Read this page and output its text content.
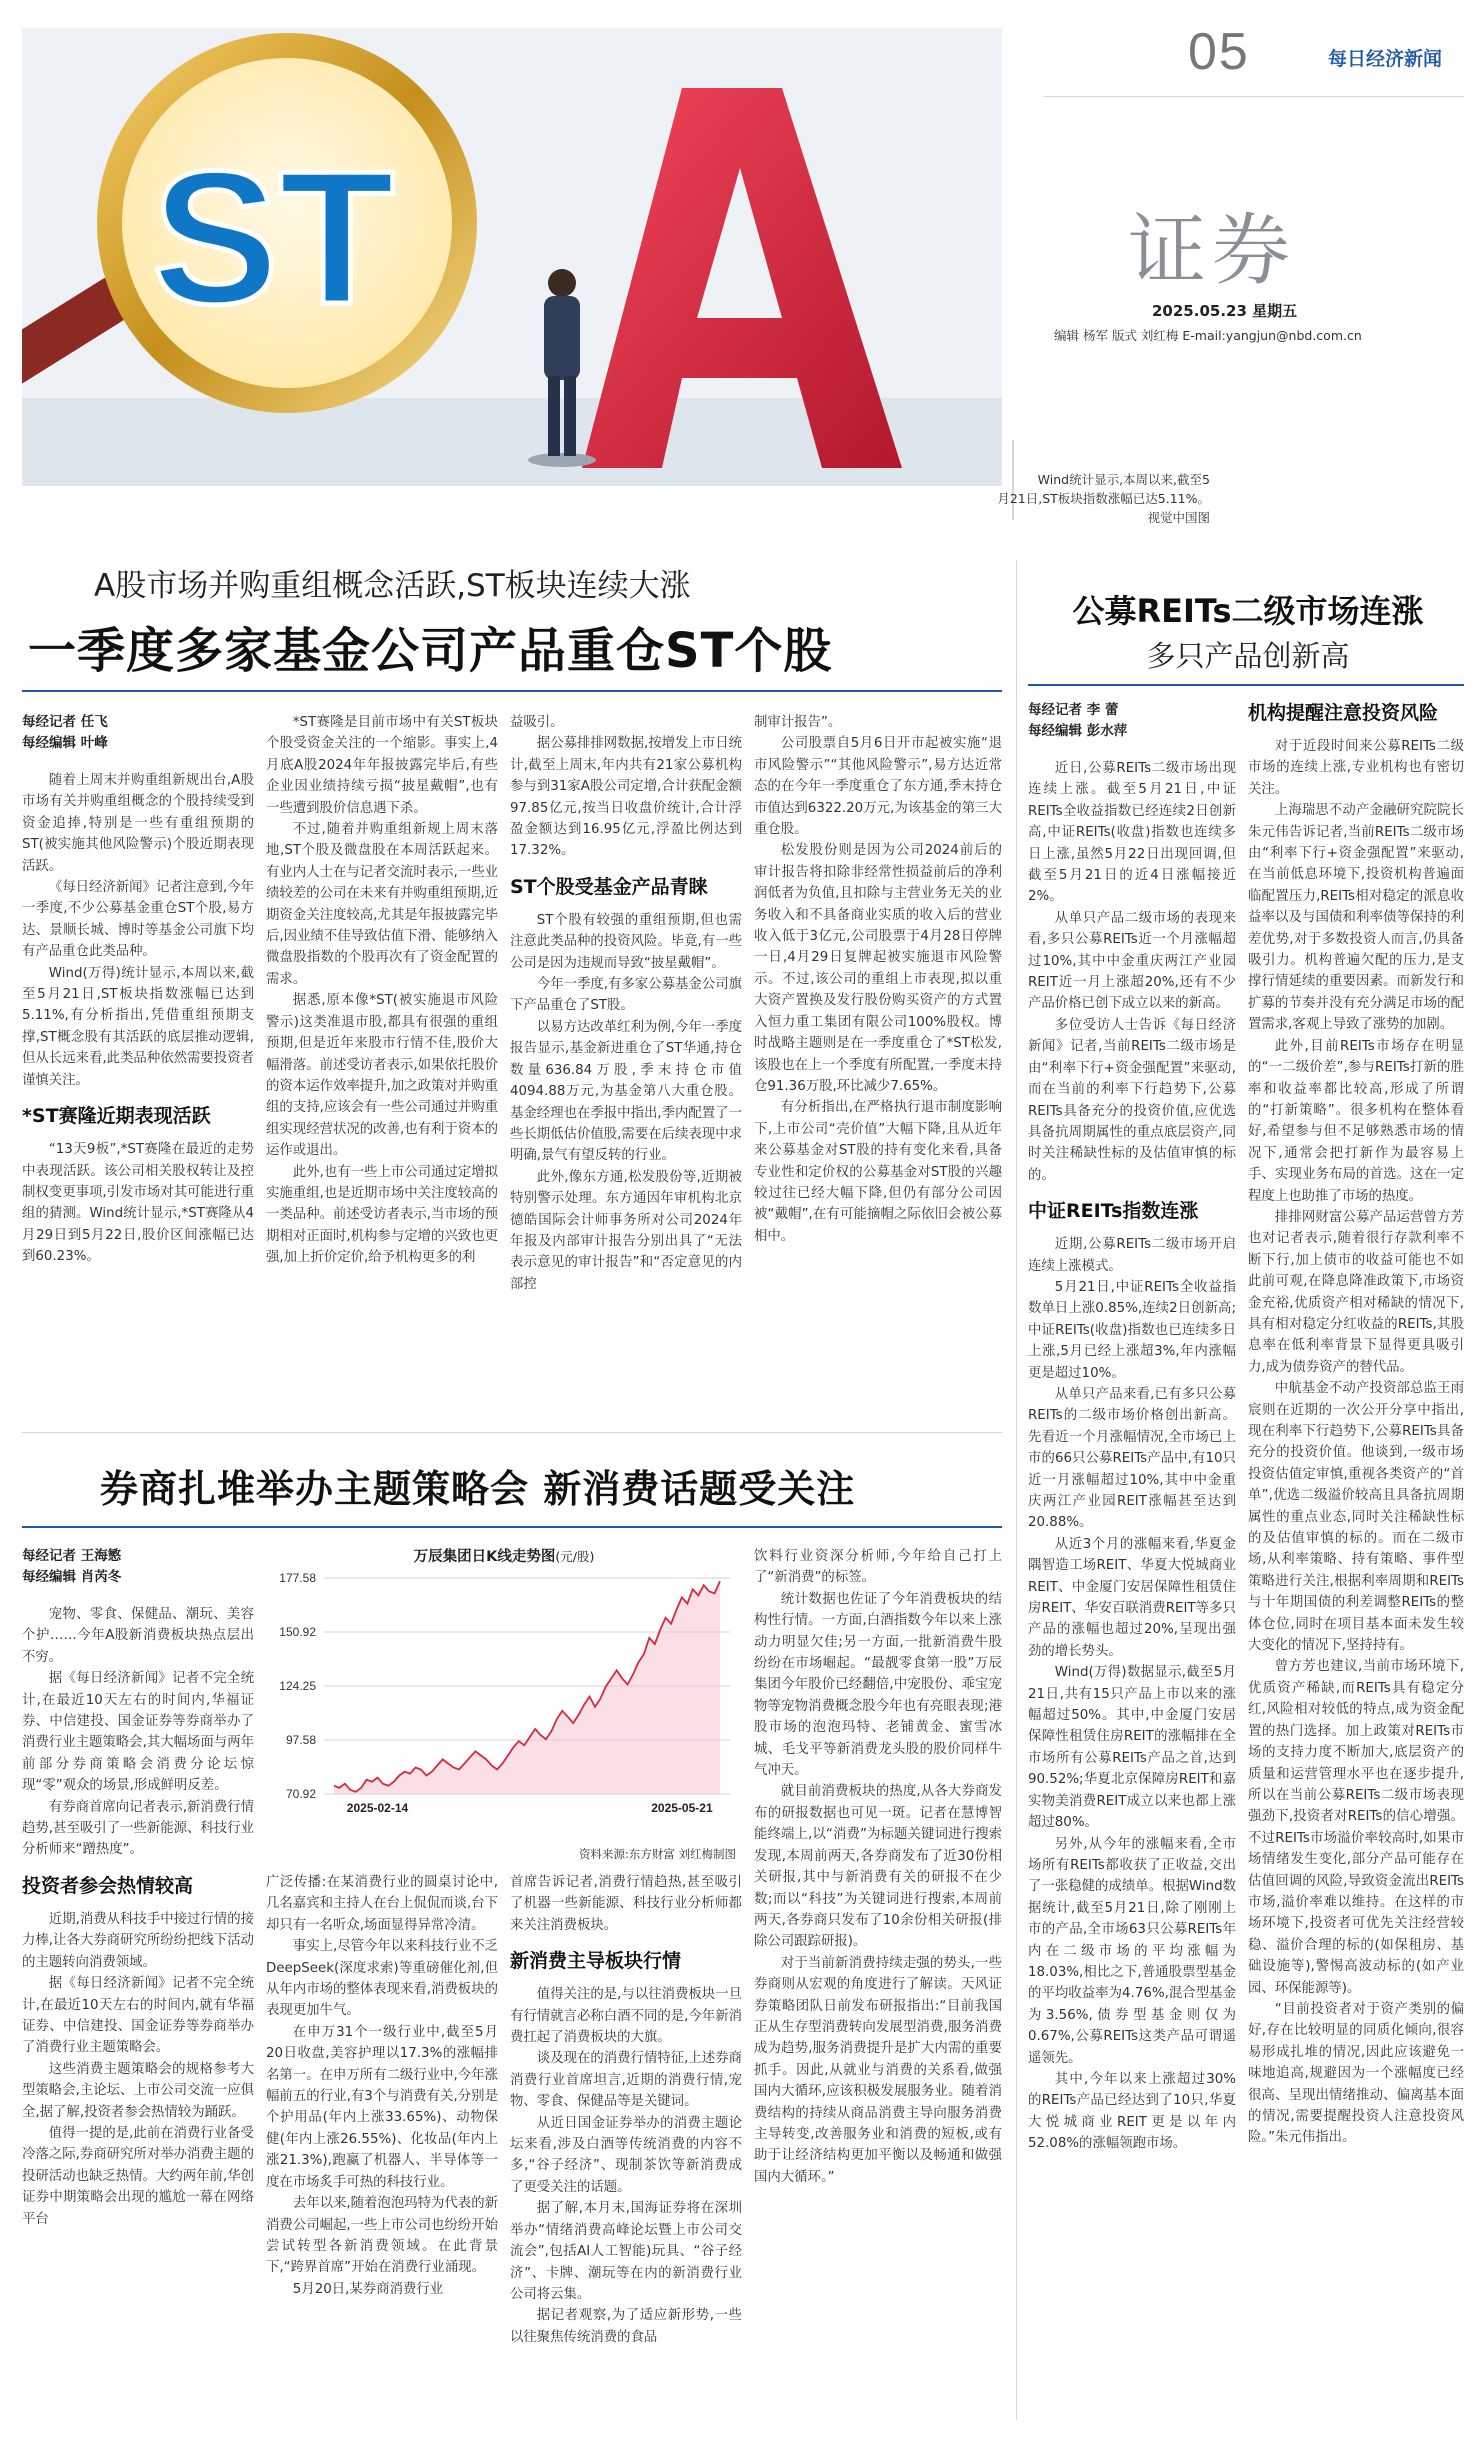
05	每日经济新闻
证券
2025.05.23 星期五
编辑 杨军 版式 刘红梅 E-mail:yangjun@nbd.com.cn
Wind统计显示,本周以来,截至5
月21日,ST板块指数涨幅已达5.11%。
视觉中国图
ST
A股市场并购重组概念活跃,ST板块连续大涨
一季度多家基金公司产品重仓ST个股
每经记者 任飞
每经编辑 叶峰

随着上周末并购重组新规出台,A股市场有关并购重组概念的个股持续受到资金追捧,特别是一些有重组预期的ST(被实施其他风险警示)个股近期表现活跃。

《每日经济新闻》记者注意到,今年一季度,不少公募基金重仓ST个股,易方达、景顺长城、博时等基金公司旗下均有产品重仓此类品种。

Wind(万得)统计显示,本周以来,截至5月21日,ST板块指数涨幅已达到5.11%,有分析指出,凭借重组预期支撑,ST概念股有其活跃的底层推动逻辑,但从长远来看,此类品种依然需要投资者谨慎关注。

*ST赛隆近期表现活跃

“13天9板”,*ST赛隆在最近的走势中表现活跃。该公司相关股权转让及控制权变更事项,引发市场对其可能进行重组的猜测。Wind统计显示,*ST赛隆从4月29日到5月22日,股价区间涨幅已达到60.23%。

*ST赛隆是目前市场中有关ST板块个股受资金关注的一个缩影。事实上,4月底A股2024年年报披露完毕后,有些企业因业绩持续亏损“披星戴帽”,也有一些遭到股价信息遇下杀。

不过,随着并购重组新规上周末落地,ST个股及微盘股在本周活跃起来。有业内人士在与记者交流时表示,一些业绩较差的公司在未来有并购重组预期,近期资金关注度较高,尤其是年报披露完毕后,因业绩不佳导致估值下滑、能够纳入微盘股指数的个股再次有了资金配置的需求。

据悉,原本像*ST(被实施退市风险警示)这类准退市股,都具有很强的重组预期,但是近年来股市行情不佳,股价大幅滑落。前述受访者表示,如果依托股价的资本运作效率提升,加之政策对并购重组的支持,应该会有一些公司通过并购重组实现经营状况的改善,也有利于资本的运作或退出。

此外,也有一些上市公司通过定增拟实施重组,也是近期市场中关注度较高的一类品种。前述受访者表示,当市场的预期相对正面时,机构参与定增的兴致也更强,加上折价定价,给予机构更多的利

益吸引。

据公募排排网数据,按增发上市日统计,截至上周末,年内共有21家公募机构参与到31家A股公司定增,合计获配金额97.85亿元,按当日收盘价统计,合计浮盈金额达到16.95亿元,浮盈比例达到17.32%。

ST个股受基金产品青睐

ST个股有较强的重组预期,但也需注意此类品种的投资风险。毕竟,有一些公司是因为违规而导致“披星戴帽”。

今年一季度,有多家公募基金公司旗下产品重仓了ST股。

以易方达改革红利为例,今年一季度报告显示,基金新进重仓了ST华通,持仓数量636.84万股,季末持仓市值4094.88万元,为基金第八大重仓股。基金经理也在季报中指出,季内配置了一些长期低估价值股,需要在后续表现中求明确,景气有望反转的行业。

此外,像东方通,松发股份等,近期被特别警示处理。东方通因年审机构北京德皓国际会计师事务所对公司2024年年报及内部审计报告分别出具了“无法表示意见的审计报告”和“否定意见的内部控

制审计报告”。

公司股票自5月6日开市起被实施“退市风险警示”“其他风险警示”,易方达近常态的在今年一季度重仓了东方通,季末持仓市值达到6322.20万元,为该基金的第三大重仓股。

松发股份则是因为公司2024前后的审计报告将扣除非经常性损益前后的净利润低者为负值,且扣除与主营业务无关的业务收入和不具备商业实质的收入后的营业收入低于3亿元,公司股票于4月28日停牌一日,4月29日复牌起被实施退市风险警示。不过,该公司的重组上市表现,拟以重大资产置换及发行股份购买资产的方式置入恒力重工集团有限公司100%股权。博时战略主题则是在一季度重仓了*ST松发,该股也在上一个季度有所配置,一季度末持仓91.36万股,环比减少7.65%。

有分析指出,在严格执行退市制度影响下,上市公司“壳价值”大幅下降,且从近年来公募基金对ST股的持有变化来看,具备专业性和定价权的公募基金对ST股的兴趣较过往已经大幅下降,但仍有部分公司因被“戴帽”,在有可能摘帽之际依旧会被公募相中。

券商扎堆举办主题策略会 新消费话题受关注
每经记者 王海慜
每经编辑 肖芮冬

宠物、零食、保健品、潮玩、美容个护……今年A股新消费板块热点层出不穷。

据《每日经济新闻》记者不完全统计,在最近10天左右的时间内,华福证券、中信建投、国金证券等券商举办了消费行业主题策略会,其大幅场面与两年前部分券商策略会消费分论坛惊现“零”观众的场景,形成鲜明反差。

有券商首席向记者表示,新消费行情趋势,甚至吸引了一些新能源、科技行业分析师来“蹭热度”。

投资者参会热情较高

近期,消费从科技手中接过行情的接力棒,让各大券商研究所纷纷把线下活动的主题转向消费领域。

据《每日经济新闻》记者不完全统计,在最近10天左右的时间内,就有华福证券、中信建投、国金证券等券商举办了消费行业主题策略会。

这些消费主题策略会的规格参考大型策略会,主论坛、上市公司交流一应俱全,据了解,投资者参会热情较为踊跃。

值得一提的是,此前在消费行业备受冷落之际,券商研究所对举办消费主题的投研活动也缺乏热情。大约两年前,华创证券中期策略会出现的尴尬一幕在网络平台

万辰集团日K线走势图(元/股)
177.58
150.92
124.25
97.58
70.92
2025-02-14	2025-05-21
资料来源:东方财富 刘红梅制图

广泛传播:在某消费行业的圆桌讨论中,几名嘉宾和主持人在台上侃侃而谈,台下却只有一名听众,场面显得异常冷清。

事实上,尽管今年以来科技行业不乏DeepSeek(深度求索)等重磅催化剂,但从年内市场的整体表现来看,消费板块的表现更加牛气。

在申万31个一级行业中,截至5月20日收盘,美容护理以17.3%的涨幅排名第一。在申万所有二级行业中,今年涨幅前五的行业,有3个与消费有关,分别是个护用品(年内上涨33.65%)、动物保健(年内上涨26.55%)、化妆品(年内上涨21.3%),跑赢了机器人、半导体等一度在市场炙手可热的科技行业。

去年以来,随着泡泡玛特为代表的新消费公司崛起,一些上市公司也纷纷开始尝试转型各新消费领域。在此背景下,“跨界首席”开始在消费行业涌现。

5月20日,某券商消费行业

首席告诉记者,消费行情趋热,甚至吸引了机器一些新能源、科技行业分析师都来关注消费板块。

新消费主导板块行情

值得关注的是,与以往消费板块一旦有行情就言必称白酒不同的是,今年新消费扛起了消费板块的大旗。

谈及现在的消费行情特征,上述券商消费行业首席坦言,近期的消费行情,宠物、零食、保健品等是关键词。

从近日国金证券举办的消费主题论坛来看,涉及白酒等传统消费的内容不多,“谷子经济”、现制茶饮等新消费成了更受关注的话题。

据了解,本月末,国海证券将在深圳举办“情绪消费高峰论坛暨上市公司交流会”,包括AI人工智能)玩具、“谷子经济”、卡牌、潮玩等在内的新消费行业公司将云集。

据记者观察,为了适应新形势,一些以往聚焦传统消费的食品

饮料行业资深分析师,今年给自己打上了“新消费”的标签。

统计数据也佐证了今年消费板块的结构性行情。一方面,白酒指数今年以来上涨动力明显欠佳;另一方面,一批新消费牛股纷纷在市场崛起。“最靓零食第一股”万辰集团今年股价已经翻倍,中宠股份、乖宝宠物等宠物消费概念股今年也有亮眼表现;港股市场的泡泡玛特、老铺黄金、蜜雪冰城、毛戈平等新消费龙头股的股价同样牛气冲天。

就目前消费板块的热度,从各大券商发布的研报数据也可见一斑。记者在慧博智能终端上,以“消费”为标题关键词进行搜索发现,本周前两天,各券商发布了近30份相关研报,其中与新消费有关的研报不在少数;而以“科技”为关键词进行搜索,本周前两天,各券商只发布了10余份相关研报(排除公司跟踪研报)。

对于当前新消费持续走强的势头,一些券商则从宏观的角度进行了解读。天风证券策略团队日前发布研报指出:“目前我国正从生存型消费转向发展型消费,服务消费成为趋势,服务消费提升是扩大内需的重要抓手。因此,从就业与消费的关系看,做强国内大循环,应该积极发展服务业。随着消费结构的持续从商品消费主导向服务消费主导转变,改善服务业和消费的短板,或有助于让经济结构更加平衡以及畅通和做强国内大循环。”

公募REITs二级市场连涨
多只产品创新高
每经记者 李 蕾
每经编辑 彭水萍

近日,公募REITs二级市场出现连续上涨。截至5月21日,中证REITs全收益指数已经连续2日创新高,中证REITs(收盘)指数也连续多日上涨,虽然5月22日出现回调,但截至5月21日的近4日涨幅接近2%。

从单只产品二级市场的表现来看,多只公募REITs近一个月涨幅超过10%,其中中金重庆两江产业园REIT近一月上涨超20%,还有不少产品价格已创下成立以来的新高。

多位受访人士告诉《每日经济新闻》记者,当前REITs二级市场是由“利率下行+资金强配置”来驱动,而在当前的利率下行趋势下,公募REITs具备充分的投资价值,应优选具备抗周期属性的重点底层资产,同时关注稀缺性标的及估值审慎的标的。

中证REITs指数连涨

近期,公募REITs二级市场开启连续上涨模式。

5月21日,中证REITs全收益指数单日上涨0.85%,连续2日创新高;中证REITs(收盘)指数也已连续多日上涨,5月已经上涨超3%,年内涨幅更是超过10%。

从单只产品来看,已有多只公募REITs的二级市场价格创出新高。先看近一个月涨幅情况,全市场已上市的66只公募REITs产品中,有10只近一月涨幅超过10%,其中中金重庆两江产业园REIT涨幅甚至达到20.88%。

从近3个月的涨幅来看,华夏金隅智造工场REIT、华夏大悦城商业REIT、中金厦门安居保障性租赁住房REIT、华安百联消费REIT等多只产品的涨幅也超过20%,呈现出强劲的增长势头。

Wind(万得)数据显示,截至5月21日,共有15只产品上市以来的涨幅超过50%。其中,中金厦门安居保障性租赁住房REIT的涨幅排在全市场所有公募REITs产品之首,达到90.52%;华夏北京保障房REIT和嘉实物美消费REIT成立以来也都上涨超过80%。

另外,从今年的涨幅来看,全市场所有REITs都收获了正收益,交出了一张稳健的成绩单。根据Wind数据统计,截至5月21日,除了刚刚上市的产品,全市场63只公募REITs年内在二级市场的平均涨幅为18.03%,相比之下,普通股票型基金的平均收益率为4.76%,混合型基金为3.56%,债券型基金则仅为0.67%,公募REITs这类产品可谓遥遥领先。

其中,今年以来上涨超过30%的REITs产品已经达到了10只,华夏大悦城商业REIT更是以年内52.08%的涨幅领跑市场。

机构提醒注意投资风险

对于近段时间来公募REITs二级市场的连续上涨,专业机构也有密切关注。

上海瑞思不动产金融研究院院长朱元伟告诉记者,当前REITs二级市场由“利率下行+资金强配置”来驱动,在当前低息环境下,投资机构普遍面临配置压力,REITs相对稳定的派息收益率以及与国债和利率债等保持的利差优势,对于多数投资人而言,仍具备吸引力。机构普遍欠配的压力,是支撑行情延续的重要因素。而新发行和扩募的节奏并没有充分满足市场的配置需求,客观上导致了涨势的加剧。

此外,目前REITs市场存在明显的“一二级价差”,参与REITs打新的胜率和收益率都比较高,形成了所谓的“打新策略”。很多机构在整体看好,希望参与但不足够熟悉市场的情况下,通常会把打新作为最容易上手、实现业务布局的首选。这在一定程度上也助推了市场的热度。

排排网财富公募产品运营曾方芳也对记者表示,随着很行存款利率不断下行,加上债市的收益可能也不如此前可观,在降息降准政策下,市场资金充裕,优质资产相对稀缺的情况下,具有相对稳定分红收益的REITs,其股息率在低利率背景下显得更具吸引力,成为债券资产的替代品。

中航基金不动产投资部总监王雨宸则在近期的一次公开分享中指出,现在利率下行趋势下,公募REITs具备充分的投资价值。他谈到,一级市场投资估值定审慎,重视各类资产的“首单”,优选二级溢价较高且具备抗周期属性的重点业态,同时关注稀缺性标的及估值审慎的标的。而在二级市场,从利率策略、持有策略、事件型策略进行关注,根据利率周期和REITs与十年期国债的利差调整REITs的整体仓位,同时在项目基本面未发生较大变化的情况下,坚持持有。

曾方芳也建议,当前市场环境下,优质资产稀缺,而REITs具有稳定分红,风险相对较低的特点,成为资金配置的热门选择。加上政策对REITs市场的支持力度不断加大,底层资产的质量和运营管理水平也在逐步提升,所以在当前公募REITs二级市场表现强劲下,投资者对REITs的信心增强。不过REITs市场溢价率较高时,如果市场情绪发生变化,部分产品可能存在估值回调的风险,导致资金流出REITs市场,溢价率难以维持。在这样的市场环境下,投资者可优先关注经营较稳、溢价合理的标的(如保租房、基础设施等),警惕高波动标的(如产业园、环保能源等)。

“目前投资者对于资产类别的偏好,存在比较明显的同质化倾向,很容易形成扎堆的情况,因此应该避免一味地追高,规避因为一个涨幅度已经很高、呈现出情绪推动、偏离基本面的情况,需要提醒投资人注意投资风险。”朱元伟指出。
